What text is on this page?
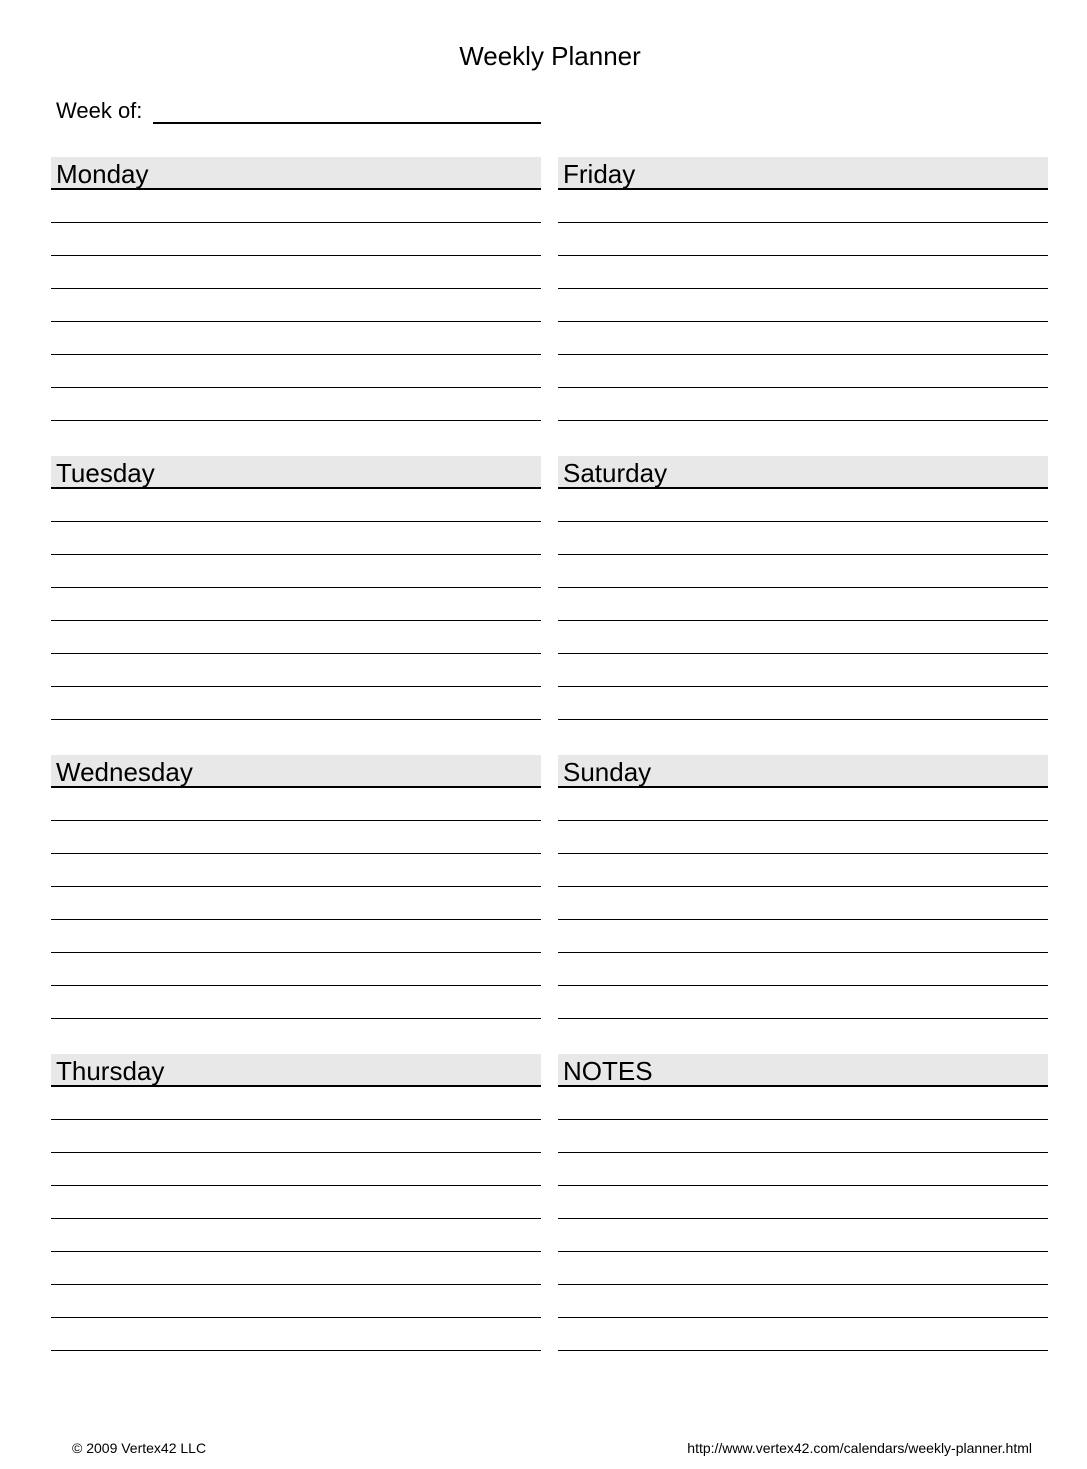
Weekly Planner
Week of:
Monday
Tuesday
Wednesday
Thursday
Friday
Saturday
Sunday
NOTES
© 2009 Vertex42 LLC	http://www.vertex42.com/calendars/weekly-planner.html
